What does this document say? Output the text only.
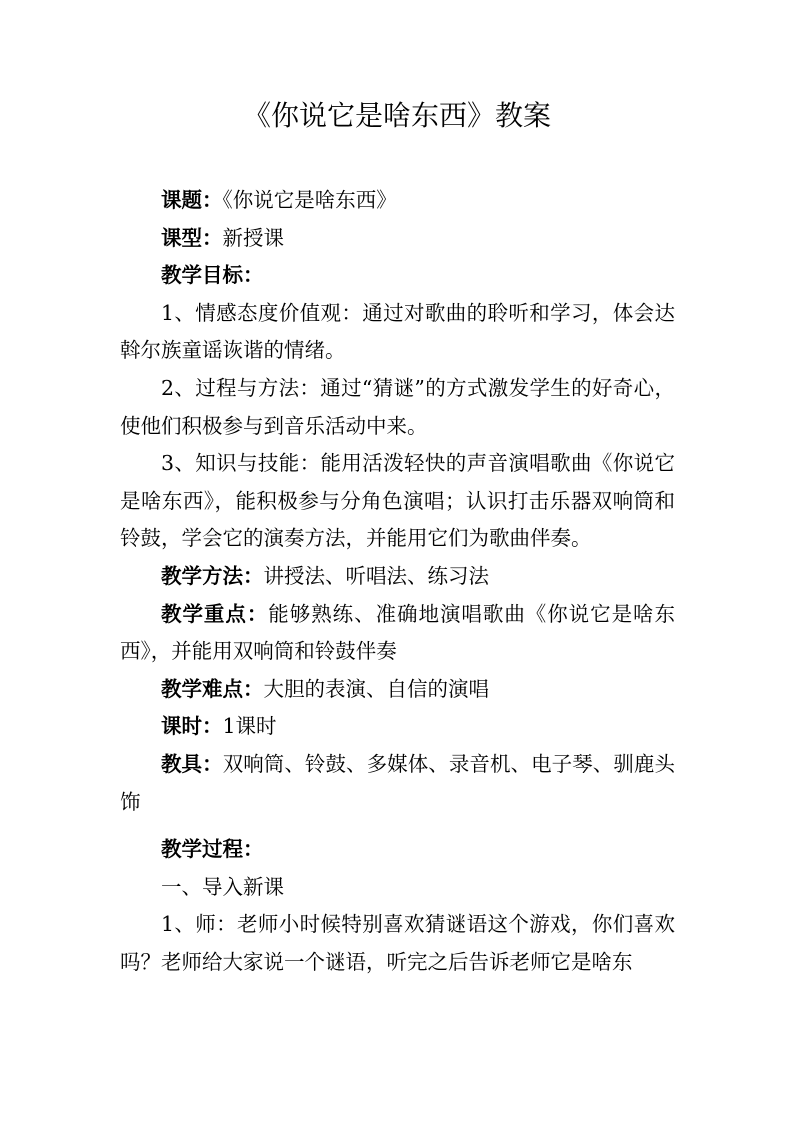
《你说它是啥东西》教案

课题：《你说它是啥东西》

课型：新授课

教学目标：

1、情感态度价值观：通过对歌曲的聆听和学习，体会达斡尔族童谣诙谐的情绪。

2、过程与方法：通过“猜谜”的方式激发学生的好奇心，使他们积极参与到音乐活动中来。

3、知识与技能：能用活泼轻快的声音演唱歌曲《你说它是啥东西》，能积极参与分角色演唱；认识打击乐器双响筒和铃鼓，学会它的演奏方法，并能用它们为歌曲伴奏。

教学方法：讲授法、听唱法、练习法

教学重点：能够熟练、准确地演唱歌曲《你说它是啥东西》，并能用双响筒和铃鼓伴奏

教学难点：大胆的表演、自信的演唱

课时：1课时

教具：双响筒、铃鼓、多媒体、录音机、电子琴、驯鹿头饰

教学过程：

一、导入新课

1、师：老师小时候特别喜欢猜谜语这个游戏，你们喜欢吗？老师给大家说一个谜语，听完之后告诉老师它是啥东
